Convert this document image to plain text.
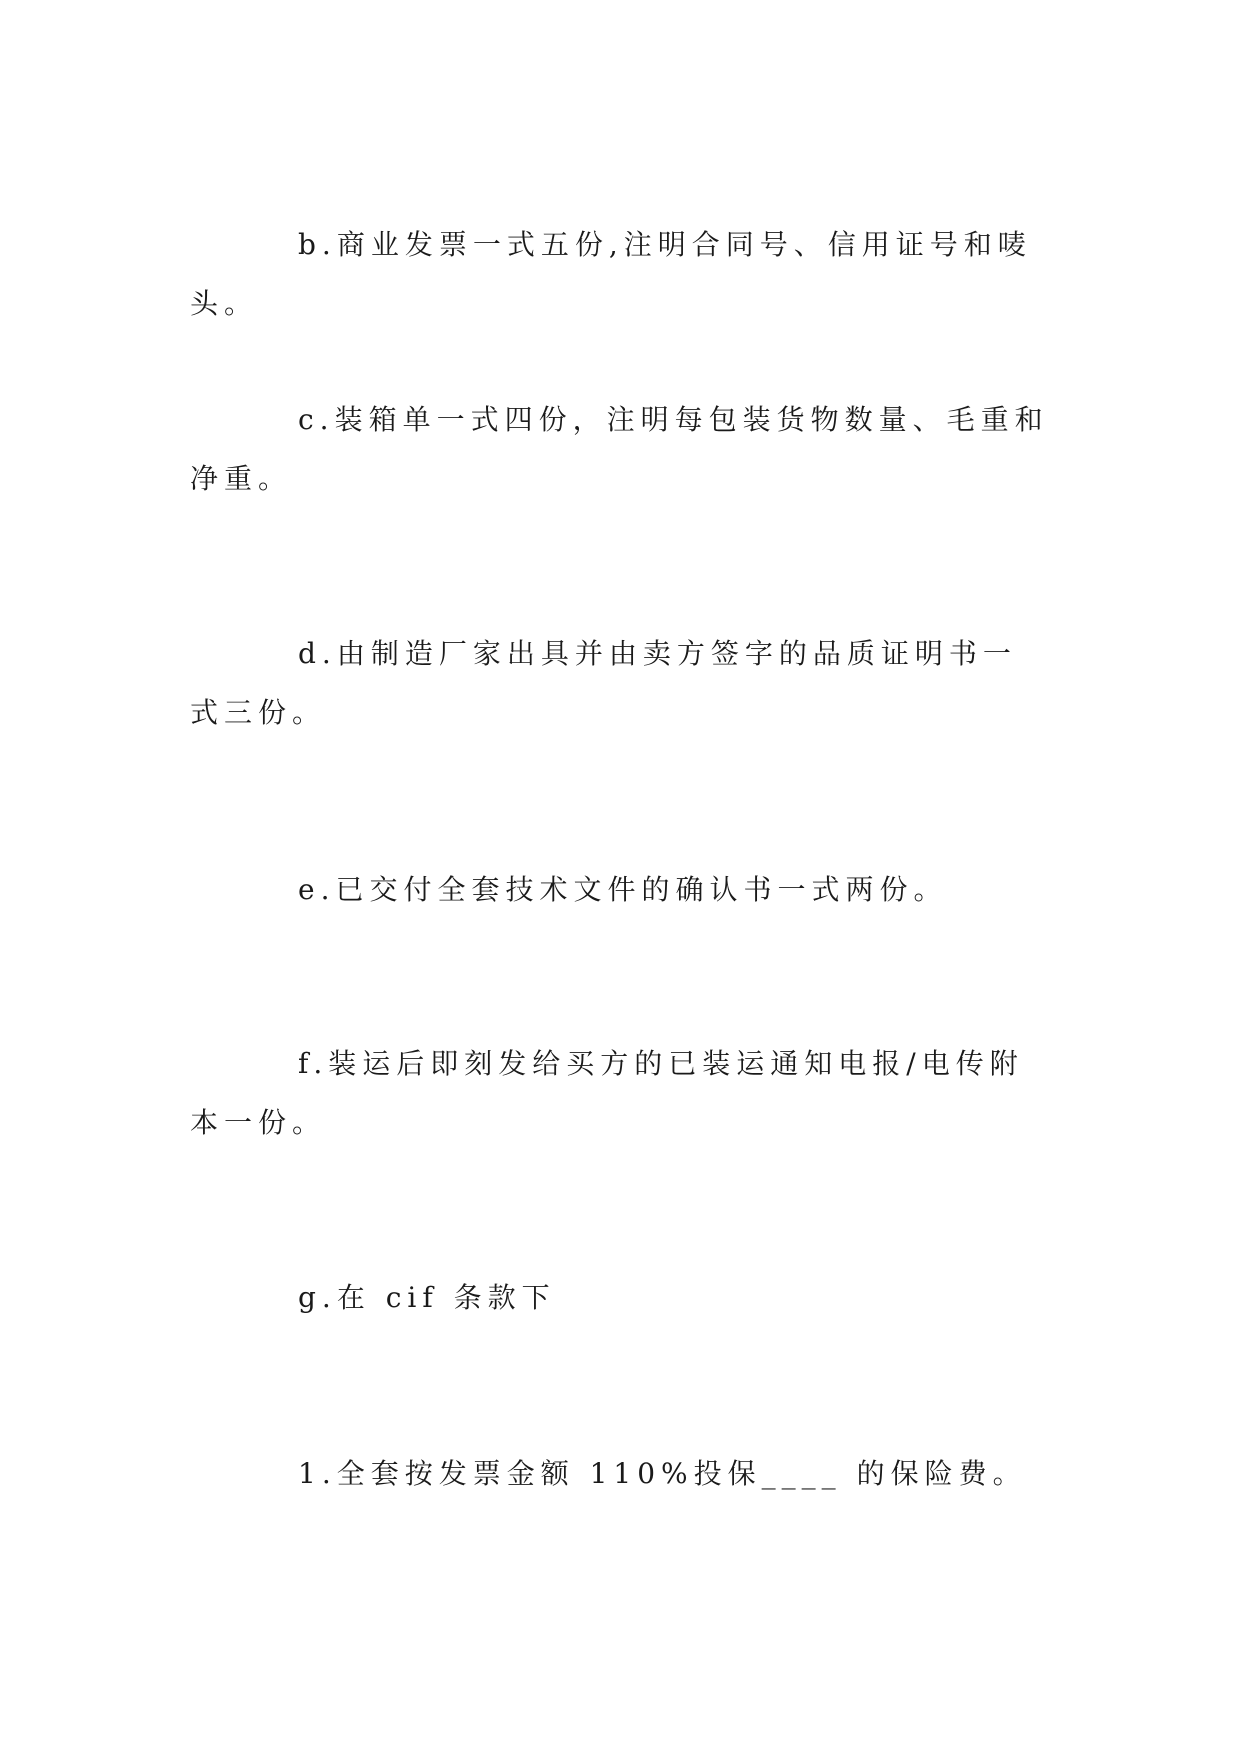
b.商业发票一式五份,注明合同号、信用证号和唛头。

c.装箱单一式四份，注明每包装货物数量、毛重和净重。

d.由制造厂家出具并由卖方签字的品质证明书一式三份。

e.已交付全套技术文件的确认书一式两份。

f.装运后即刻发给买方的已装运通知电报/电传附本一份。

g.在 cif 条款下

1.全套按发票金额 110%投保____ 的保险费。
